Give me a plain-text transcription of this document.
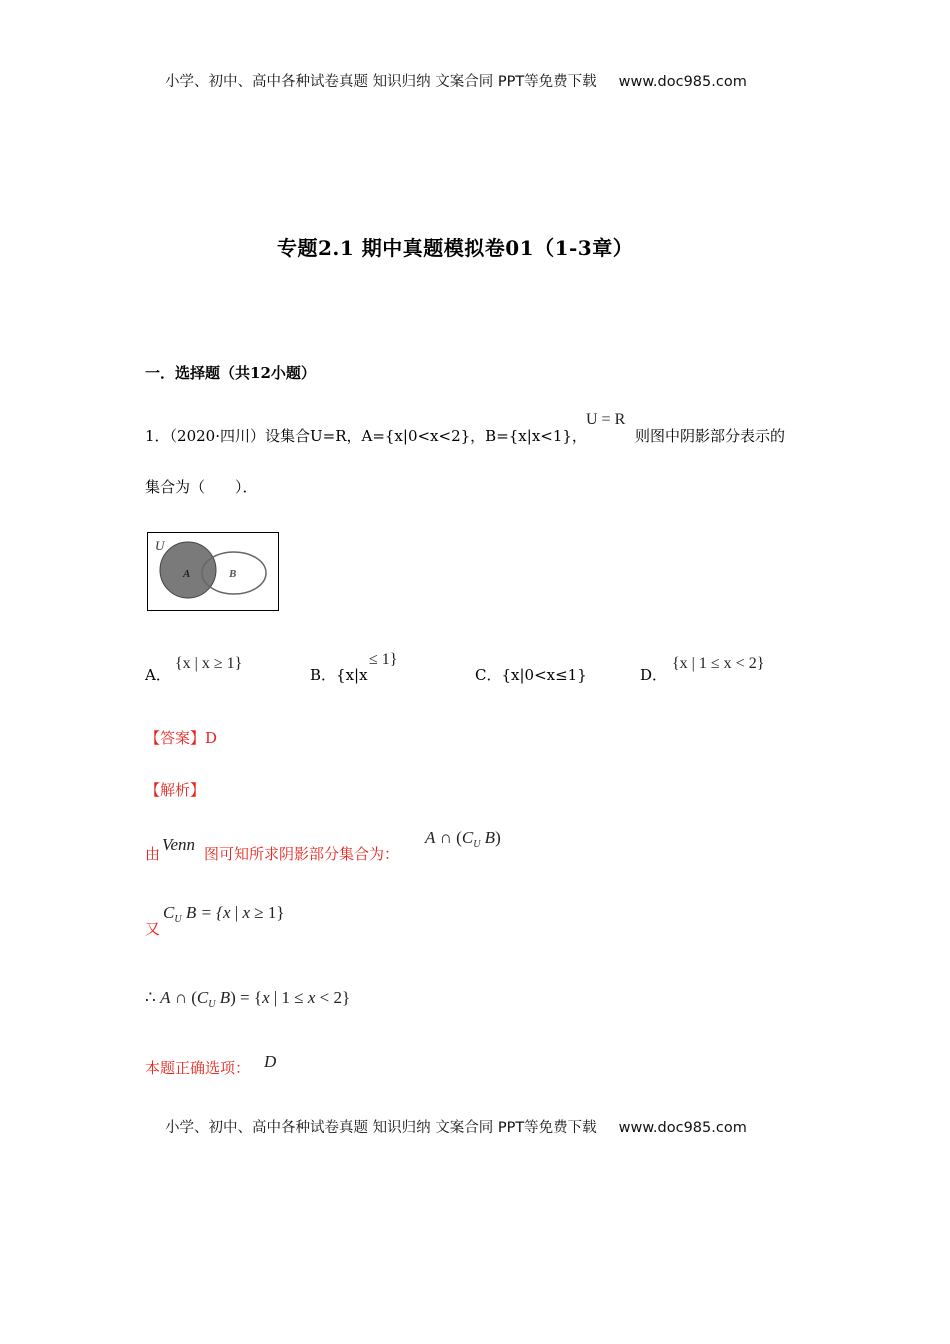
小学、初中、高中各种试卷真题 知识归纳 文案合同 PPT等免费下载 www.doc985.com
专题2.1 期中真题模拟卷01（1-3章）
一．选择题（共12小题）
1．（2020·四川）设集合U=R，A={x|0<x<2}，B={x|x<1}，
U = R
则图中阴影部分表示的
集合为（　　）．
U
A	B
A．
{x | x ≥ 1}
B．{x|x
≤ 1}
C．{x|0<x≤1}	D．
{x | 1 ≤ x < 2}
【答案】D
【解析】
由 Venn 图可知所求阴影部分集合为：
A ∩ ($C_U$ B)
又
$C_U$ B = {x | x ≥ 1}
∴ A ∩ ($C_U$ B) = {x | 1 ≤ x < 2}
本题正确选项： D
小学、初中、高中各种试卷真题 知识归纳 文案合同 PPT等免费下载 www.doc985.com
